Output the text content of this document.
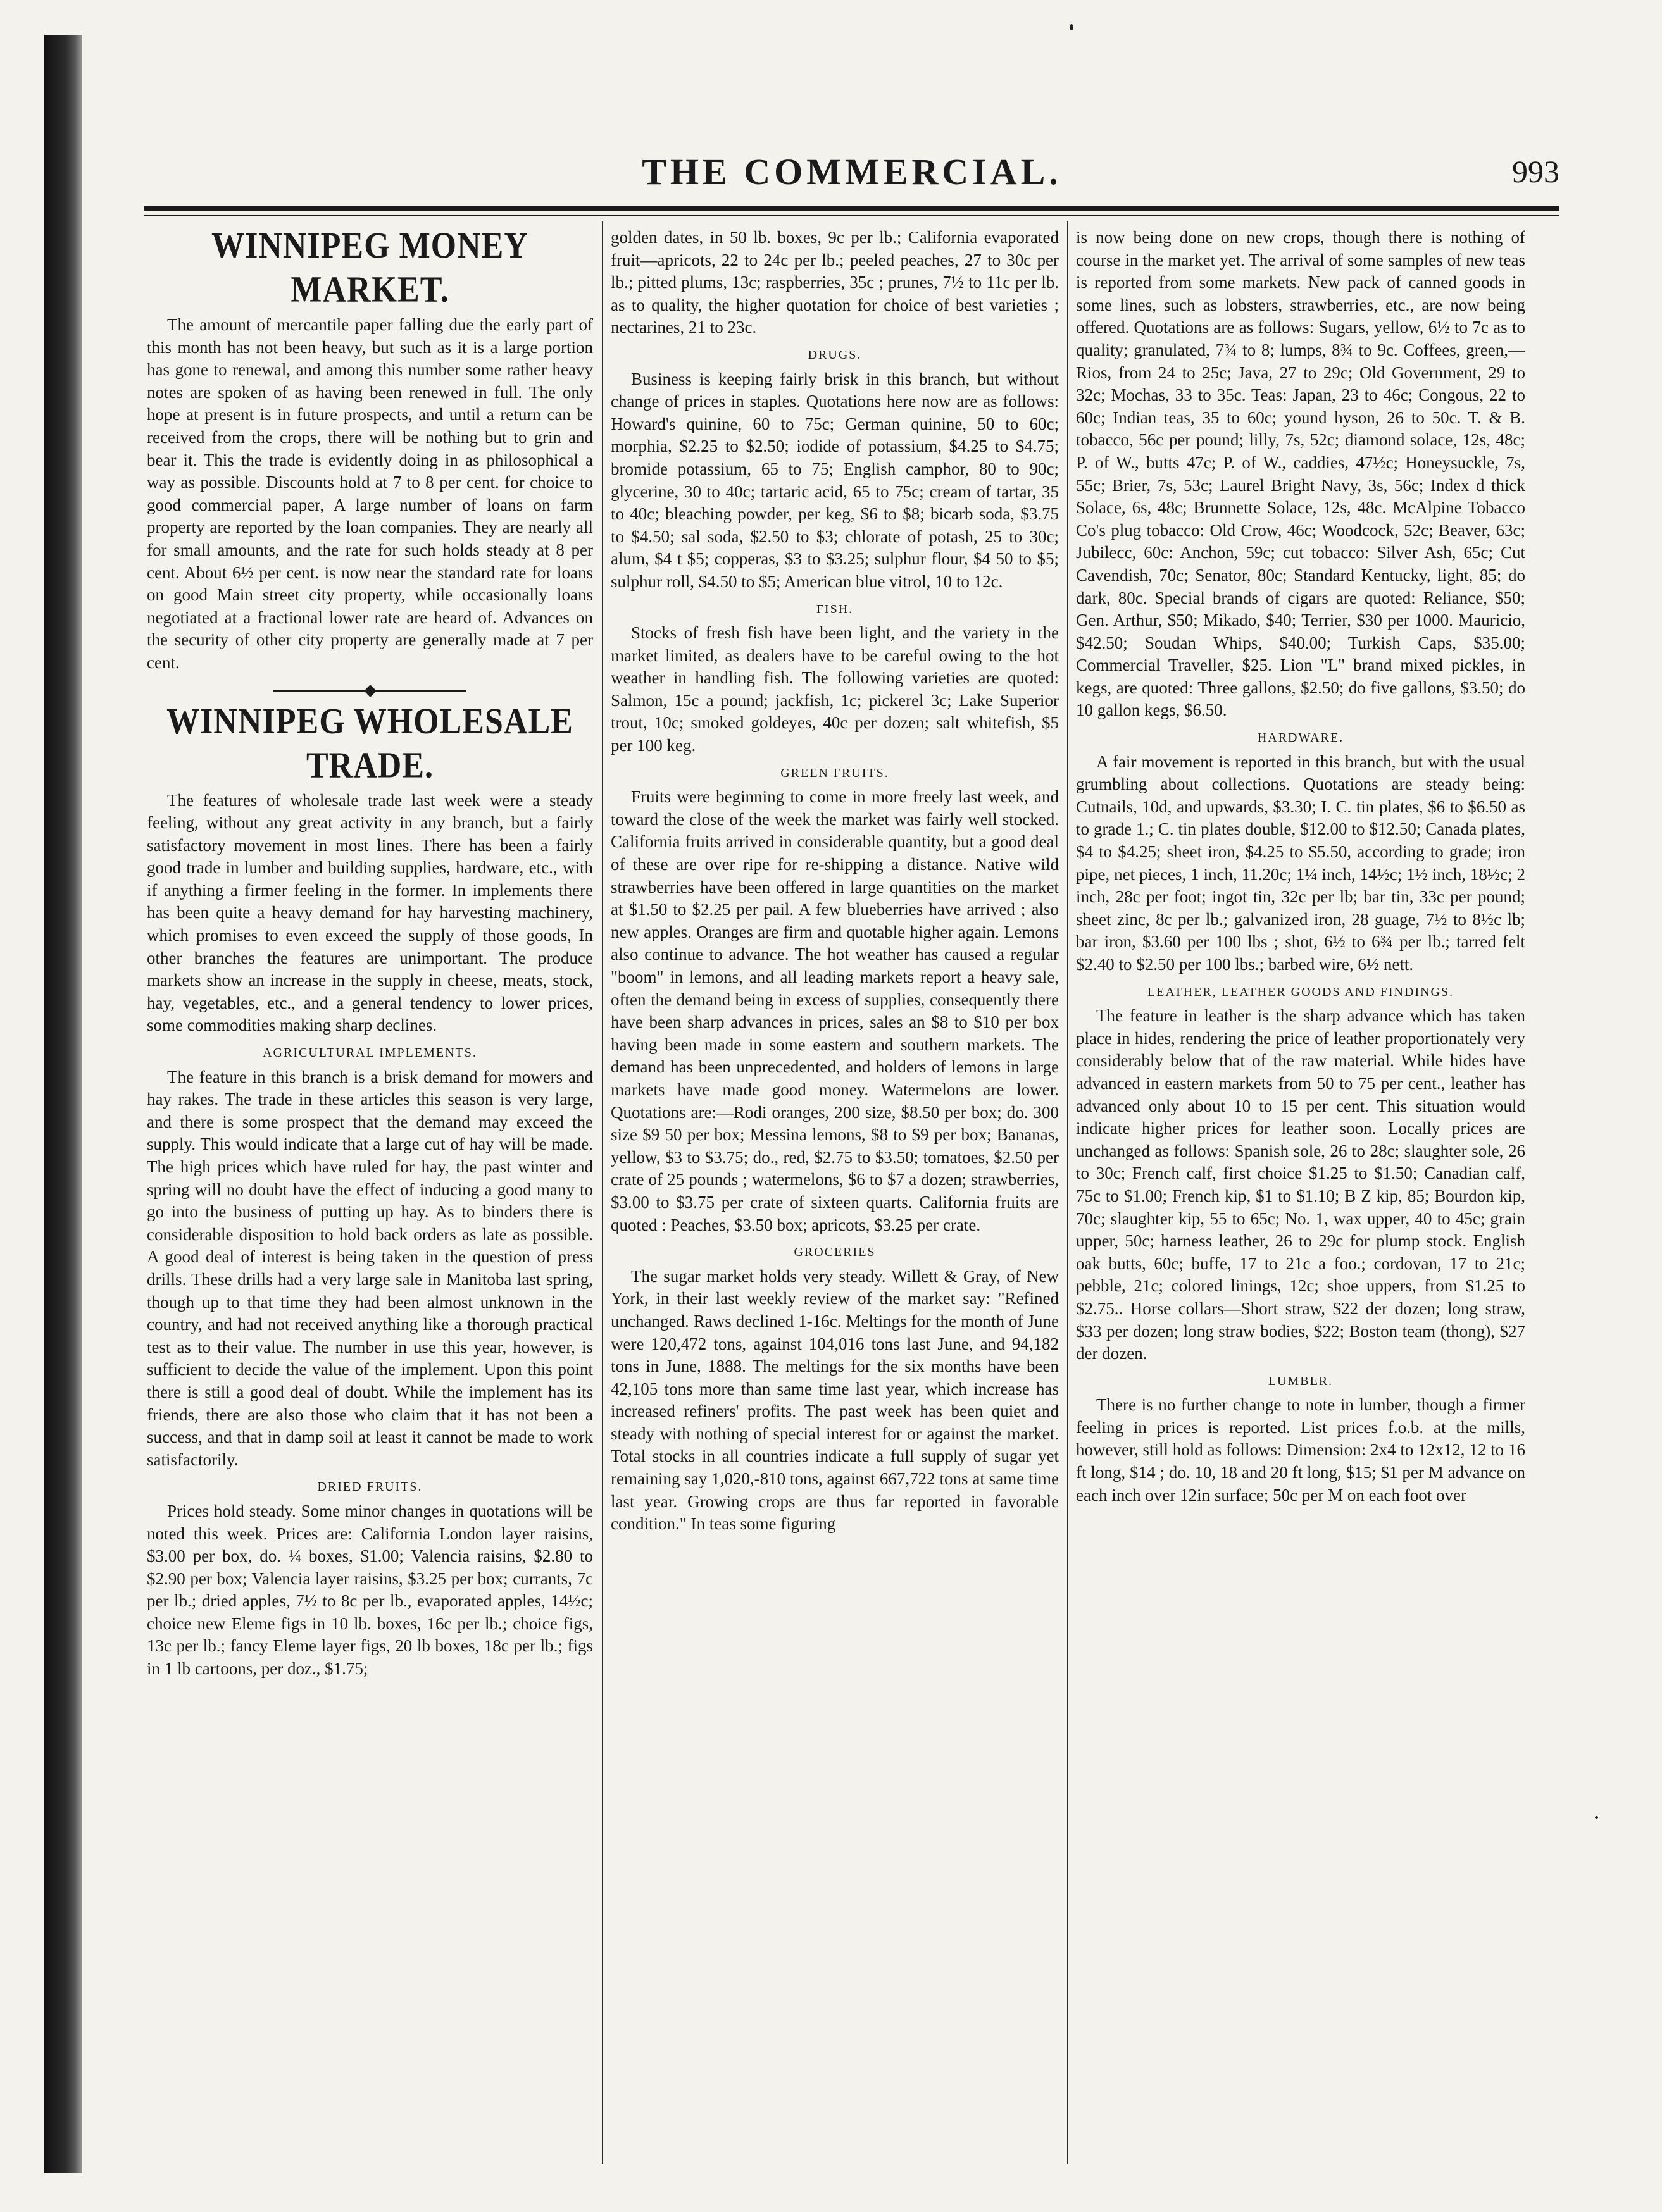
THE COMMERCIAL.	993
WINNIPEG MONEY MARKET.

The amount of mercantile paper falling due the early part of this month has not been heavy, but such as it is a large portion has gone to renewal, and among this number some rather heavy notes are spoken of as having been renewed in full. The only hope at present is in future prospects, and until a return can be received from the crops, there will be nothing but to grin and bear it. This the trade is evidently doing in as philosophical a way as possible. Discounts hold at 7 to 8 per cent. for choice to good commercial paper, A large number of loans on farm property are reported by the loan companies. They are nearly all for small amounts, and the rate for such holds steady at 8 per cent. About 6½ per cent. is now near the standard rate for loans on good Main street city property, while occasionally loans negotiated at a fractional lower rate are heard of. Advances on the security of other city property are generally made at 7 per cent.

WINNIPEG WHOLESALE TRADE.

The features of wholesale trade last week were a steady feeling, without any great activity in any branch, but a fairly satisfactory movement in most lines. There has been a fairly good trade in lumber and building supplies, hardware, etc., with if anything a firmer feeling in the former. In implements there has been quite a heavy demand for hay harvesting machinery, which promises to even exceed the supply of those goods, In other branches the features are unimportant. The produce markets show an increase in the supply in cheese, meats, stock, hay, vegetables, etc., and a general tendency to lower prices, some commodities making sharp declines.

AGRICULTURAL IMPLEMENTS.

The feature in this branch is a brisk demand for mowers and hay rakes. The trade in these articles this season is very large, and there is some prospect that the demand may exceed the supply. This would indicate that a large cut of hay will be made. The high prices which have ruled for hay, the past winter and spring will no doubt have the effect of inducing a good many to go into the business of putting up hay. As to binders there is considerable disposition to hold back orders as late as possible. A good deal of interest is being taken in the question of press drills. These drills had a very large sale in Manitoba last spring, though up to that time they had been almost unknown in the country, and had not received anything like a thorough practical test as to their value. The number in use this year, however, is sufficient to decide the value of the implement. Upon this point there is still a good deal of doubt. While the implement has its friends, there are also those who claim that it has not been a success, and that in damp soil at least it cannot be made to work satisfactorily.

DRIED FRUITS.

Prices hold steady. Some minor changes in quotations will be noted this week. Prices are: California London layer raisins, $3.00 per box, do. ¼ boxes, $1.00; Valencia raisins, $2.80 to $2.90 per box; Valencia layer raisins, $3.25 per box; currants, 7c per lb.; dried apples, 7½ to 8c per lb., evaporated apples, 14½c; choice new Eleme figs in 10 lb. boxes, 16c per lb.; choice figs, 13c per lb.; fancy Eleme layer figs, 20 lb boxes, 18c per lb.; figs in 1 lb cartoons, per doz., $1.75;

golden dates, in 50 lb. boxes, 9c per lb.; California evaporated fruit—apricots, 22 to 24c per lb.; peeled peaches, 27 to 30c per lb.; pitted plums, 13c; raspberries, 35c ; prunes, 7½ to 11c per lb. as to quality, the higher quotation for choice of best varieties ; nectarines, 21 to 23c.

DRUGS.

Business is keeping fairly brisk in this branch, but without change of prices in staples. Quotations here now are as follows: Howard's quinine, 60 to 75c; German quinine, 50 to 60c; morphia, $2.25 to $2.50; iodide of potassium, $4.25 to $4.75; bromide potassium, 65 to 75; English camphor, 80 to 90c; glycerine, 30 to 40c; tartaric acid, 65 to 75c; cream of tartar, 35 to 40c; bleaching powder, per keg, $6 to $8; bicarb soda, $3.75 to $4.50; sal soda, $2.50 to $3; chlorate of potash, 25 to 30c; alum, $4 t $5; copperas, $3 to $3.25; sulphur flour, $4 50 to $5; sulphur roll, $4.50 to $5; American blue vitrol, 10 to 12c.

FISH.

Stocks of fresh fish have been light, and the variety in the market limited, as dealers have to be careful owing to the hot weather in handling fish. The following varieties are quoted: Salmon, 15c a pound; jackfish, 1c; pickerel 3c; Lake Superior trout, 10c; smoked goldeyes, 40c per dozen; salt whitefish, $5 per 100 keg.

GREEN FRUITS.

Fruits were beginning to come in more freely last week, and toward the close of the week the market was fairly well stocked. California fruits arrived in considerable quantity, but a good deal of these are over ripe for re-shipping a distance. Native wild strawberries have been offered in large quantities on the market at $1.50 to $2.25 per pail. A few blueberries have arrived ; also new apples. Oranges are firm and quotable higher again. Lemons also continue to advance. The hot weather has caused a regular "boom" in lemons, and all leading markets report a heavy sale, often the demand being in excess of supplies, consequently there have been sharp advances in prices, sales an $8 to $10 per box having been made in some eastern and southern markets. The demand has been unprecedented, and holders of lemons in large markets have made good money. Watermelons are lower. Quotations are:—Rodi oranges, 200 size, $8.50 per box; do. 300 size $9 50 per box; Messina lemons, $8 to $9 per box; Bananas, yellow, $3 to $3.75; do., red, $2.75 to $3.50; tomatoes, $2.50 per crate of 25 pounds ; watermelons, $6 to $7 a dozen; strawberries, $3.00 to $3.75 per crate of sixteen quarts. California fruits are quoted : Peaches, $3.50 box; apricots, $3.25 per crate.

GROCERIES

The sugar market holds very steady. Willett & Gray, of New York, in their last weekly review of the market say: "Refined unchanged. Raws declined 1-16c. Meltings for the month of June were 120,472 tons, against 104,016 tons last June, and 94,182 tons in June, 1888. The meltings for the six months have been 42,105 tons more than same time last year, which increase has increased refiners' profits. The past week has been quiet and steady with nothing of special interest for or against the market. Total stocks in all countries indicate a full supply of sugar yet remaining say 1,020,-810 tons, against 667,722 tons at same time last year. Growing crops are thus far reported in favorable condition." In teas some figuring

is now being done on new crops, though there is nothing of course in the market yet. The arrival of some samples of new teas is reported from some markets. New pack of canned goods in some lines, such as lobsters, strawberries, etc., are now being offered. Quotations are as follows: Sugars, yellow, 6½ to 7c as to quality; granulated, 7¾ to 8; lumps, 8¾ to 9c. Coffees, green,—Rios, from 24 to 25c; Java, 27 to 29c; Old Government, 29 to 32c; Mochas, 33 to 35c. Teas: Japan, 23 to 46c; Congous, 22 to 60c; Indian teas, 35 to 60c; yound hyson, 26 to 50c. T. & B. tobacco, 56c per pound; lilly, 7s, 52c; diamond solace, 12s, 48c; P. of W., butts 47c; P. of W., caddies, 47½c; Honeysuckle, 7s, 55c; Brier, 7s, 53c; Laurel Bright Navy, 3s, 56c; Index d thick Solace, 6s, 48c; Brunnette Solace, 12s, 48c. McAlpine Tobacco Co's plug tobacco: Old Crow, 46c; Woodcock, 52c; Beaver, 63c; Jubilecc, 60c: Anchon, 59c; cut tobacco: Silver Ash, 65c; Cut Cavendish, 70c; Senator, 80c; Standard Kentucky, light, 85; do dark, 80c. Special brands of cigars are quoted: Reliance, $50; Gen. Arthur, $50; Mikado, $40; Terrier, $30 per 1000. Mauricio, $42.50; Soudan Whips, $40.00; Turkish Caps, $35.00; Commercial Traveller, $25. Lion "L" brand mixed pickles, in kegs, are quoted: Three gallons, $2.50; do five gallons, $3.50; do 10 gallon kegs, $6.50.

HARDWARE.

A fair movement is reported in this branch, but with the usual grumbling about collections. Quotations are steady being: Cutnails, 10d, and upwards, $3.30; I. C. tin plates, $6 to $6.50 as to grade 1.; C. tin plates double, $12.00 to $12.50; Canada plates, $4 to $4.25; sheet iron, $4.25 to $5.50, according to grade; iron pipe, net pieces, 1 inch, 11.20c; 1¼ inch, 14½c; 1½ inch, 18½c; 2 inch, 28c per foot; ingot tin, 32c per lb; bar tin, 33c per pound; sheet zinc, 8c per lb.; galvanized iron, 28 guage, 7½ to 8½c lb; bar iron, $3.60 per 100 lbs ; shot, 6½ to 6¾ per lb.; tarred felt $2.40 to $2.50 per 100 lbs.; barbed wire, 6½ nett.

LEATHER, LEATHER GOODS AND FINDINGS.

The feature in leather is the sharp advance which has taken place in hides, rendering the price of leather proportionately very considerably below that of the raw material. While hides have advanced in eastern markets from 50 to 75 per cent., leather has advanced only about 10 to 15 per cent. This situation would indicate higher prices for leather soon. Locally prices are unchanged as follows: Spanish sole, 26 to 28c; slaughter sole, 26 to 30c; French calf, first choice $1.25 to $1.50; Canadian calf, 75c to $1.00; French kip, $1 to $1.10; B Z kip, 85; Bourdon kip, 70c; slaughter kip, 55 to 65c; No. 1, wax upper, 40 to 45c; grain upper, 50c; harness leather, 26 to 29c for plump stock. English oak butts, 60c; buffe, 17 to 21c a foo.; cordovan, 17 to 21c; pebble, 21c; colored linings, 12c; shoe uppers, from $1.25 to $2.75.. Horse collars—Short straw, $22 der dozen; long straw, $33 per dozen; long straw bodies, $22; Boston team (thong), $27 der dozen.

LUMBER.

There is no further change to note in lumber, though a firmer feeling in prices is reported. List prices f.o.b. at the mills, however, still hold as follows: Dimension: 2x4 to 12x12, 12 to 16 ft long, $14 ; do. 10, 18 and 20 ft long, $15; $1 per M advance on each inch over 12in surface; 50c per M on each foot over
